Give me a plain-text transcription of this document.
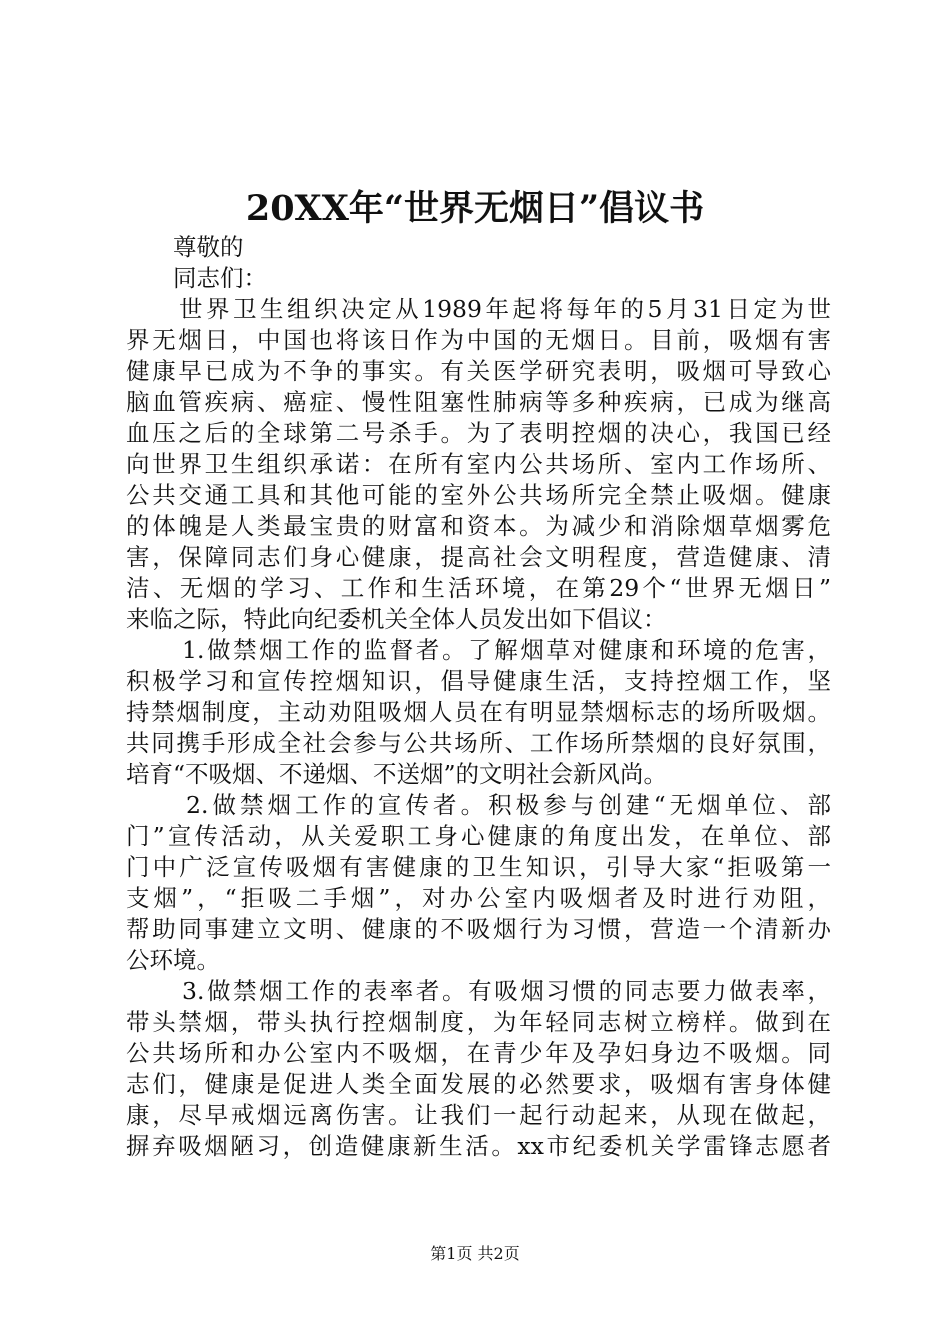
20XX年“世界无烟日”倡议书
尊敬的
同志们：
世界卫生组织决定从1989年起将每年的5月31日定为世
界无烟日，中国也将该日作为中国的无烟日。目前，吸烟有害
健康早已成为不争的事实。有关医学研究表明，吸烟可导致心
脑血管疾病、癌症、慢性阻塞性肺病等多种疾病，已成为继高
血压之后的全球第二号杀手。为了表明控烟的决心，我国已经
向世界卫生组织承诺：在所有室内公共场所、室内工作场所、
公共交通工具和其他可能的室外公共场所完全禁止吸烟。健康
的体魄是人类最宝贵的财富和资本。为减少和消除烟草烟雾危
害，保障同志们身心健康，提高社会文明程度，营造健康、清
洁、无烟的学习、工作和生活环境，在第29个“世界无烟日”
来临之际，特此向纪委机关全体人员发出如下倡议：
1.做禁烟工作的监督者。了解烟草对健康和环境的危害，
积极学习和宣传控烟知识，倡导健康生活，支持控烟工作，坚
持禁烟制度，主动劝阻吸烟人员在有明显禁烟标志的场所吸烟。
共同携手形成全社会参与公共场所、工作场所禁烟的良好氛围，
培育“不吸烟、不递烟、不送烟”的文明社会新风尚。
2.做禁烟工作的宣传者。积极参与创建“无烟单位、部
门”宣传活动，从关爱职工身心健康的角度出发，在单位、部
门中广泛宣传吸烟有害健康的卫生知识，引导大家“拒吸第一
支烟”，“拒吸二手烟”，对办公室内吸烟者及时进行劝阻，
帮助同事建立文明、健康的不吸烟行为习惯，营造一个清新办
公环境。
3.做禁烟工作的表率者。有吸烟习惯的同志要力做表率，
带头禁烟，带头执行控烟制度，为年轻同志树立榜样。做到在
公共场所和办公室内不吸烟，在青少年及孕妇身边不吸烟。同
志们，健康是促进人类全面发展的必然要求，吸烟有害身体健
康，尽早戒烟远离伤害。让我们一起行动起来，从现在做起，
摒弃吸烟陋习，创造健康新生活。xx市纪委机关学雷锋志愿者
第1页 共2页
